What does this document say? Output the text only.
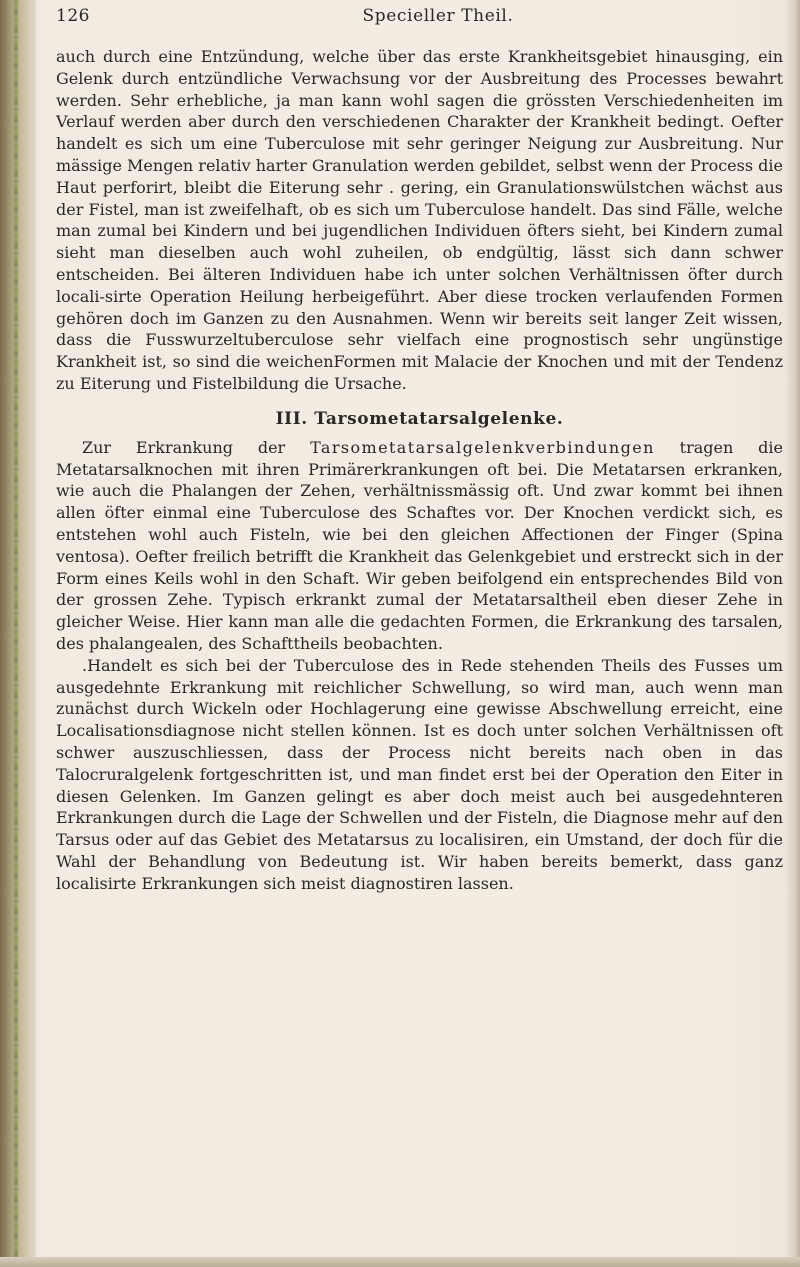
126	Specieller Theil.

auch durch eine Entzündung, welche über das erste Krankheitsgebiet hinausging, ein Gelenk durch entzündliche Verwachsung vor der Ausbreitung des Processes bewahrt werden. Sehr erhebliche, ja man kann wohl sagen die grössten Verschiedenheiten im Verlauf werden aber durch den verschiedenen Charakter der Krankheit bedingt. Oefter handelt es sich um eine Tuberculose mit sehr geringer Neigung zur Ausbreitung. Nur mässige Mengen relativ harter Granulation werden gebildet, selbst wenn der Process die Haut perforirt, bleibt die Eiterung sehr . gering, ein Granulationswülstchen wächst aus der Fistel, man ist zweifelhaft, ob es sich um Tuberculose handelt. Das sind Fälle, welche man zumal bei Kindern und bei jugendlichen Individuen öfters sieht, bei Kindern zumal sieht man dieselben auch wohl zuheilen, ob endgültig, lässt sich dann schwer entscheiden. Bei älteren Individuen habe ich unter solchen Verhältnissen öfter durch locali-sirte Operation Heilung herbeigeführt. Aber diese trocken verlaufenden Formen gehören doch im Ganzen zu den Ausnahmen. Wenn wir bereits seit langer Zeit wissen, dass die Fusswurzeltuberculose sehr vielfach eine prognostisch sehr ungünstige Krankheit ist, so sind die weichenFormen mit Malacie der Knochen und mit der Tendenz zu Eiterung und Fistelbildung die Ursache.

III. Tarsometatarsalgelenke.

Zur Erkrankung der Tarsometatarsalgelenkverbindungen tragen die Metatarsalknochen mit ihren Primärerkrankungen oft bei. Die Metatarsen erkranken, wie auch die Phalangen der Zehen, verhältnissmässig oft. Und zwar kommt bei ihnen allen öfter einmal eine Tuberculose des Schaftes vor. Der Knochen verdickt sich, es entstehen wohl auch Fisteln, wie bei den gleichen Affectionen der Finger (Spina ventosa). Oefter freilich betrifft die Krankheit das Gelenkgebiet und erstreckt sich in der Form eines Keils wohl in den Schaft. Wir geben beifolgend ein entsprechendes Bild von der grossen Zehe. Typisch erkrankt zumal der Metatarsaltheil eben dieser Zehe in gleicher Weise. Hier kann man alle die gedachten Formen, die Erkrankung des tarsalen, des phalangealen, des Schafttheils beobachten.

.Handelt es sich bei der Tuberculose des in Rede stehenden Theils des Fusses um ausgedehnte Erkrankung mit reichlicher Schwellung, so wird man, auch wenn man zunächst durch Wickeln oder Hochlagerung eine gewisse Abschwellung erreicht, eine Localisationsdiagnose nicht stellen können. Ist es doch unter solchen Verhältnissen oft schwer auszuschliessen, dass der Process nicht bereits nach oben in das Talocruralgelenk fortgeschritten ist, und man findet erst bei der Operation den Eiter in diesen Gelenken. Im Ganzen gelingt es aber doch meist auch bei ausgedehnteren Erkrankungen durch die Lage der Schwellen und der Fisteln, die Diagnose mehr auf den Tarsus oder auf das Gebiet des Metatarsus zu localisiren, ein Umstand, der doch für die Wahl der Behandlung von Bedeutung ist. Wir haben bereits bemerkt, dass ganz localisirte Erkrankungen sich meist diagnostiren lassen.
